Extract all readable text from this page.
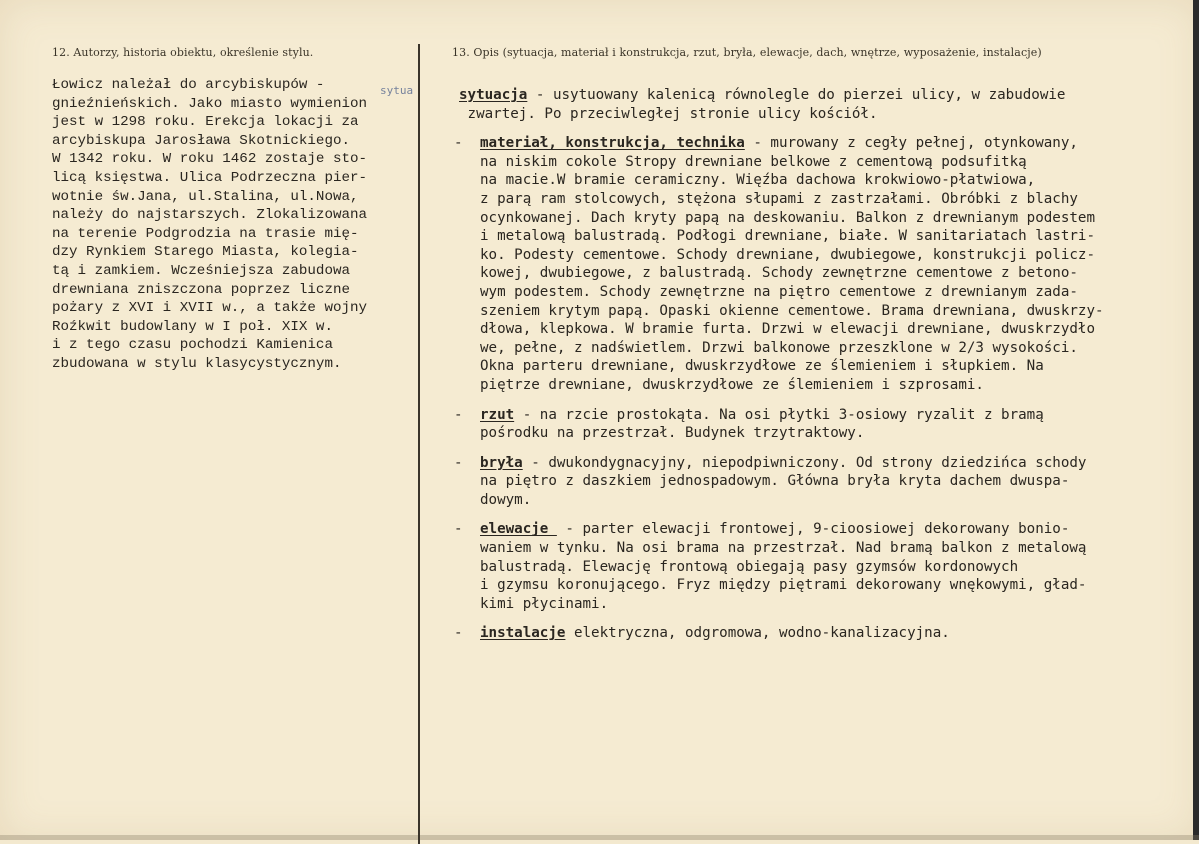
12. Autorzy, historia obiektu, określenie stylu.	13. Opis (sytuacja, materiał i konstrukcja, rzut, bryła, elewacje, dach, wnętrze, wyposażenie, instalacje)
Łowicz należał do arcybiskupów -
gnieźnieńskich. Jako miasto wymienion
jest w 1298 roku. Erekcja lokacji za
arcybiskupa Jarosława Skotnickiego.
W 1342 roku. W roku 1462 zostaje sto-
licą księstwa. Ulica Podrzeczna pier-
wotnie św.Jana, ul.Stalina, ul.Nowa,
należy do najstarszych. Zlokalizowana
na terenie Podgrodzia na trasie mię-
dzy Rynkiem Starego Miasta, kolegia-
tą i zamkiem. Wcześniejsza zabudowa
drewniana zniszczona poprzez liczne
pożary z XVI i XVII w., a także wojny
Roźkwit budowlany w I poł. XIX w.
i z tego czasu pochodzi Kamienica
zbudowana w stylu klasycystycznym.
sytua	sytuacja - usytuowany kalenicą równolegle do pierzei ulicy, w zabudowie
zwartej. Po przeciwległej stronie ulicy kościół.
- materiał, konstrukcja, technika - murowany z cegły pełnej, otynkowany,
na niskim cokole Stropy drewniane belkowe z cementową podsufitką
na macie.W bramie ceramiczny. Więźba dachowa krokwiowo-płatwiowa,
z parą ram stolcowych, stężona słupami z zastrzałami. Obróbki z blachy
ocynkowanej. Dach kryty papą na deskowaniu. Balkon z drewnianym podestem
i metalową balustradą. Podłogi drewniane, białe. W sanitariatach lastri-
ko. Podesty cementowe. Schody drewniane, dwubiegowe, konstrukcji policz-
kowej, dwubiegowe, z balustradą. Schody zewnętrzne cementowe z betono-
wym podestem. Schody zewnętrzne na piętro cementowe z drewnianym zada-
szeniem krytym papą. Opaski okienne cementowe. Brama drewniana, dwuskrzy-
dłowa, klepkowa. W bramie furta. Drzwi w elewacji drewniane, dwuskrzydło
we, pełne, z nadświetlem. Drzwi balkonowe przeszklone w 2/3 wysokości.
Okna parteru drewniane, dwuskrzydłowe ze ślemieniem i słupkiem. Na
piętrze drewniane, dwuskrzydłowe ze ślemieniem i szprosami.
- rzut - na rzcie prostokąta. Na osi płytki 3-osiowy ryzalit z bramą
pośrodku na przestrzał. Budynek trzytraktowy.
- bryła - dwukondygnacyjny, niepodpiwniczony. Od strony dziedzińca schody
na piętro z daszkiem jednospadowym. Główna bryła kryta dachem dwuspa-
dowym.
- elewacje  - parter elewacji frontowej, 9-cioosiowej dekorowany bonio-
waniem w tynku. Na osi brama na przestrzał. Nad bramą balkon z metalową
balustradą. Elewację frontową obiegają pasy gzymsów kordonowych
i gzymsu koronującego. Fryz między piętrami dekorowany wnękowymi, gład-
kimi płycinami.
- instalacje elektryczna, odgromowa, wodno-kanalizacyjna.
